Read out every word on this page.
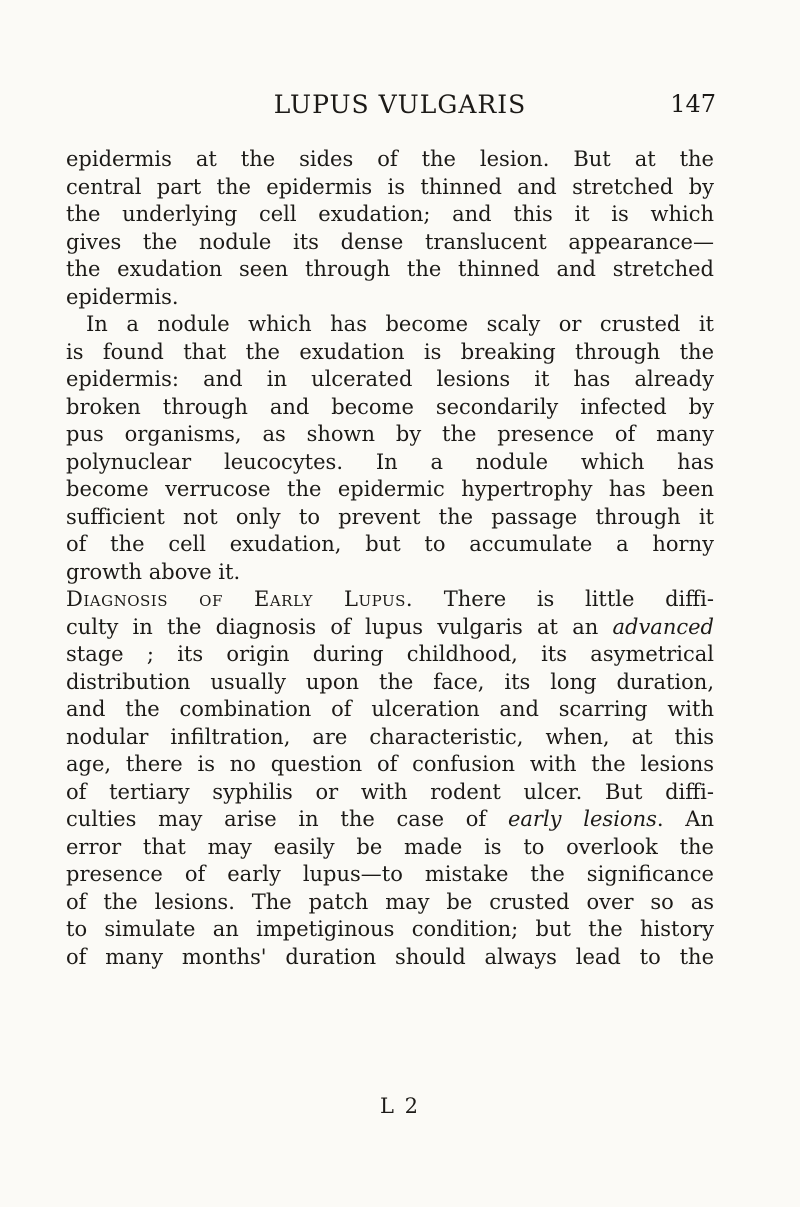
LUPUS VULGARIS	147
epidermis at the sides of the lesion. But at the
central part the epidermis is thinned and stretched by
the underlying cell exudation; and this it is which
gives the nodule its dense translucent appearance—
the exudation seen through the thinned and stretched
epidermis.
In a nodule which has become scaly or crusted it
is found that the exudation is breaking through the
epidermis: and in ulcerated lesions it has already
broken through and become secondarily infected by
pus organisms, as shown by the presence of many
polynuclear leucocytes. In a nodule which has
become verrucose the epidermic hypertrophy has been
sufficient not only to prevent the passage through it
of the cell exudation, but to accumulate a horny
growth above it.
Diagnosis of Early Lupus. There is little diffi-
culty in the diagnosis of lupus vulgaris at an advanced
stage ; its origin during childhood, its asymetrical
distribution usually upon the face, its long duration,
and the combination of ulceration and scarring with
nodular infiltration, are characteristic, when, at this
age, there is no question of confusion with the lesions
of tertiary syphilis or with rodent ulcer. But diffi-
culties may arise in the case of early lesions. An
error that may easily be made is to overlook the
presence of early lupus—to mistake the significance
of the lesions. The patch may be crusted over so as
to simulate an impetiginous condition; but the history
of many months' duration should always lead to the
L 2
